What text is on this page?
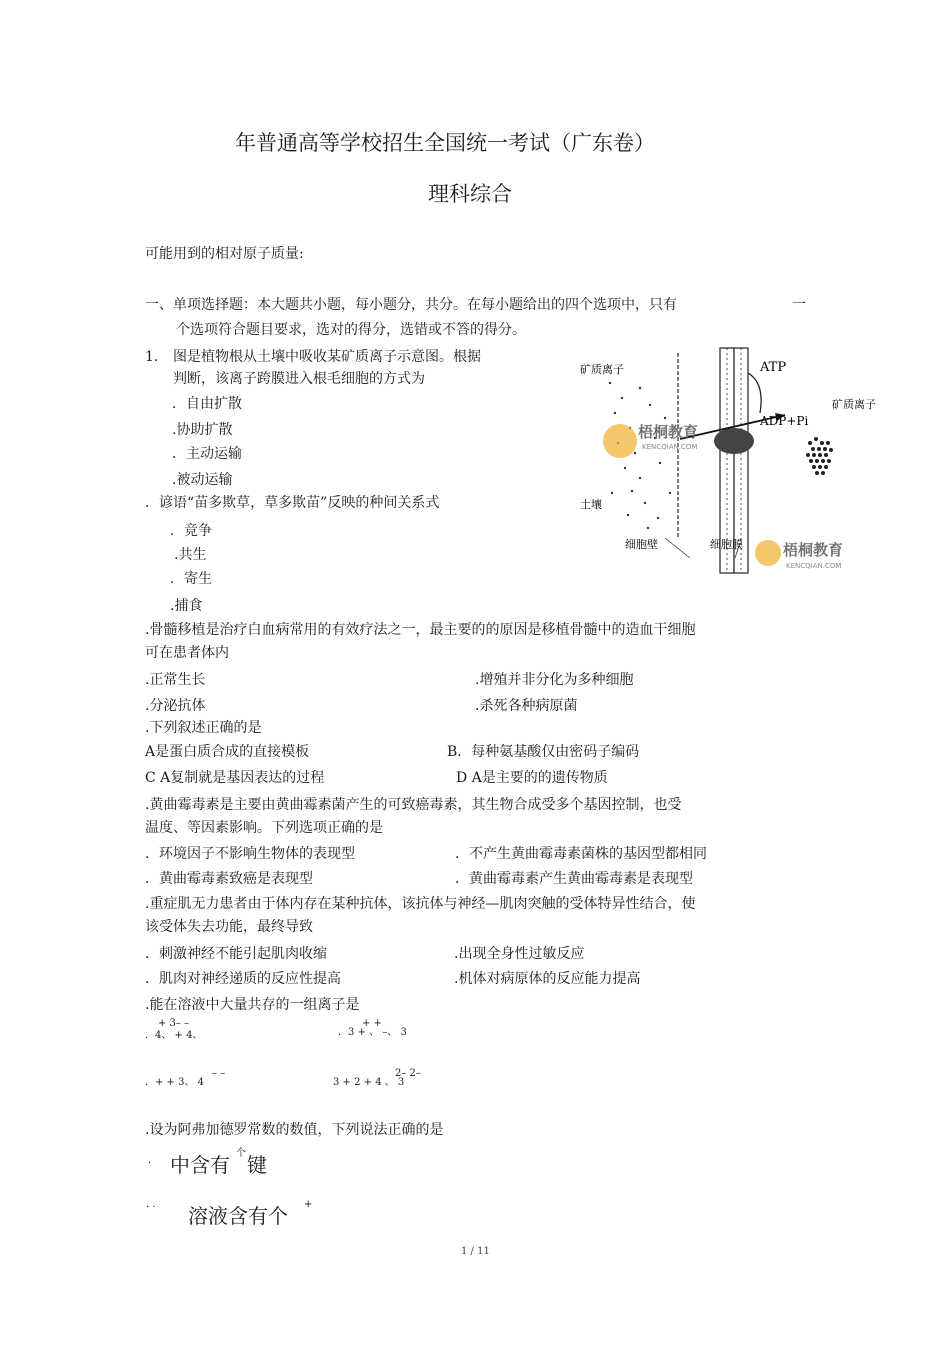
年普通高等学校招生全国统一考试（广东卷）
理科综合
可能用到的相对原子质量:
一、单项选择题：本大题共小题，每小题分，共分。在每小题给出的四个选项中，只有	一
个选项符合题目要求，选对的得分，选错或不答的得分。
1. 图是植物根从土壤中吸收某矿质离子示意图。根据
判断，该离子跨膜进入根毛细胞的方式为
．自由扩散
.协助扩散
．主动运输
.被动运输
．谚语“苗多欺草，草多欺苗”反映的种间关系式
．竞争
.共生
．寄生
.捕食
.骨髓移植是治疗白血病常用的有效疗法之一，最主要的的原因是移植骨髓中的造血干细胞
可在患者体内
.正常生长	.增殖并非分化为多种细胞
.分泌抗体	.杀死各种病原菌
.下列叙述正确的是
A是蛋白质合成的直接模板	B．每种氨基酸仅由密码子编码
C A复制就是基因表达的过程	D A是主要的的遗传物质
.黄曲霉毒素是主要由黄曲霉素菌产生的可致癌毒素，其生物合成受多个基因控制，也受
温度、等因素影响。下列选项正确的是
．环境因子不影响生物体的表现型	．不产生黄曲霉毒素菌株的基因型都相同
．黄曲霉毒素致癌是表现型	．黄曲霉毒素产生黄曲霉毒素是表现型
.重症肌无力患者由于体内存在某种抗体，该抗体与神经—肌肉突触的受体特异性结合，使
该受体失去功能，最终导致
．刺激神经不能引起肌肉收缩	.出现全身性过敏反应
．肌肉对神经递质的反应性提高	.机体对病原体的反应能力提高
.能在溶液中大量共存的一组离子是
+ 3– –
．4、 + 4、
+ +
．3 + 、 –、 3
– –
．+ + 3、 4
2– 2–
3 + 2 + 4 、 3
.设为阿弗加德罗常数的数值，下列说法正确的是
· 中含有 个 键
· · 溶液含有个 +
矿质离子
土壤
ATP
ADP+Pi
矿质离子
细胞壁	细胞膜
梧桐教育
KENCQIAN.COM
梧桐教育
KENCQIAN.COM
1 / 11
